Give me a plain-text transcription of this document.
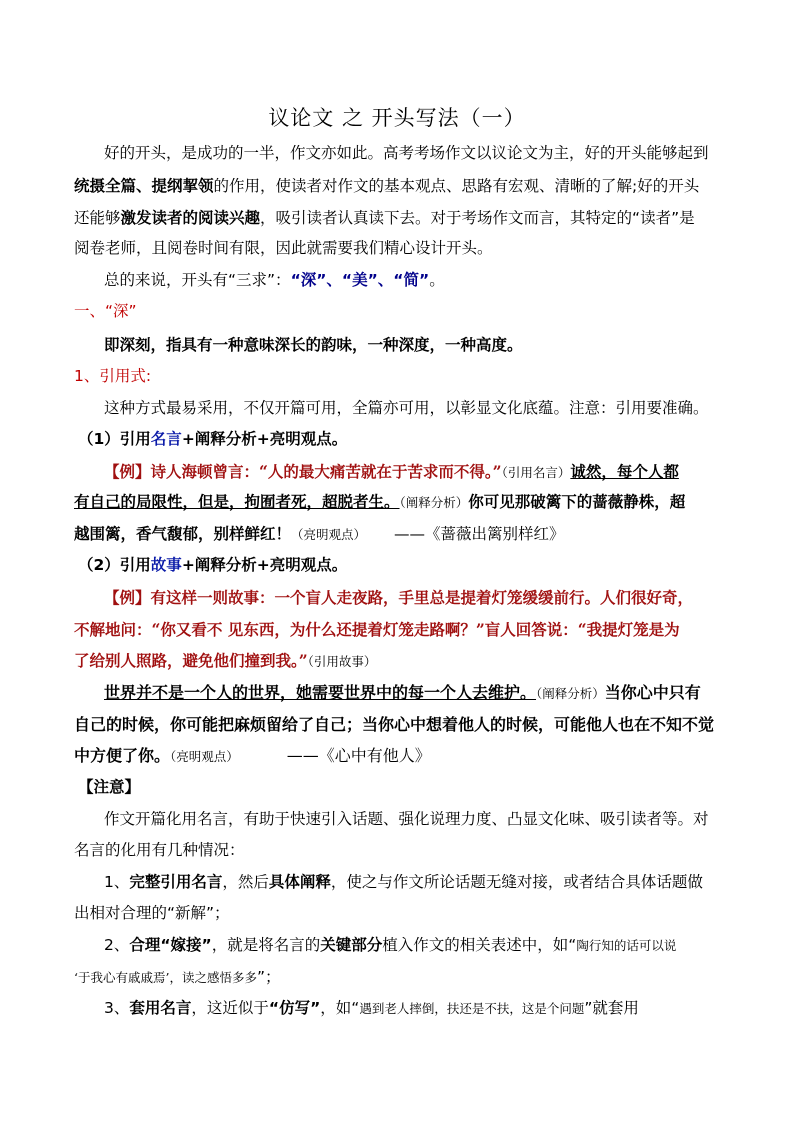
议论文 之 开头写法（一）
好的开头，是成功的一半，作文亦如此。高考考场作文以议论文为主，好的开头能够起到
统摄全篇、提纲挈领的作用，使读者对作文的基本观点、思路有宏观、清晰的了解;好的开头
还能够激发读者的阅读兴趣，吸引读者认真读下去。对于考场作文而言，其特定的“读者”是
阅卷老师，且阅卷时间有限，因此就需要我们精心设计开头。
总的来说，开头有“三求”：“深”、“美”、“简”。
一、“深”
即深刻，指具有一种意味深长的韵味，一种深度，一种高度。
1、引用式:
这种方式最易采用，不仅开篇可用，全篇亦可用，以彰显文化底蕴。注意：引用要准确。
（1）引用名言+阐释分析+亮明观点。
【例】诗人海顿曾言：“人的最大痛苦就在于苦求而不得。”（引用名言）诚然，每个人都
有自己的局限性，但是，拘囿者死，超脱者生。（阐释分析）你可见那破篱下的蔷薇静株，超
越围篱，香气馥郁，别样鲜红！（亮明观点） ——《蔷薇出篱别样红》
（2）引用故事+阐释分析+亮明观点。
【例】有这样一则故事：一个盲人走夜路，手里总是提着灯笼缓缓前行。人们很好奇，
不解地问：“你又看不 见东西，为什么还提着灯笼走路啊？”盲人回答说：“我提灯笼是为
了给别人照路，避免他们撞到我。”（引用故事）
世界并不是一个人的世界，她需要世界中的每一个人去维护。（阐释分析）当你心中只有
自己的时候，你可能把麻烦留给了自己；当你心中想着他人的时候，可能他人也在不知不觉
中方便了你。（亮明观点）	——《心中有他人》
【注意】
作文开篇化用名言，有助于快速引入话题、强化说理力度、凸显文化味、吸引读者等。对
名言的化用有几种情况：
1、完整引用名言，然后具体阐释，使之与作文所论话题无缝对接，或者结合具体话题做
出相对合理的“新解”；
2、合理“嫁接”，就是将名言的关键部分植入作文的相关表述中，如“陶行知的话可以说
‘于我心有戚戚焉’，读之感悟多多”；
3、套用名言，这近似于“仿写”，如“遇到老人摔倒，扶还是不扶，这是个问题”就套用
